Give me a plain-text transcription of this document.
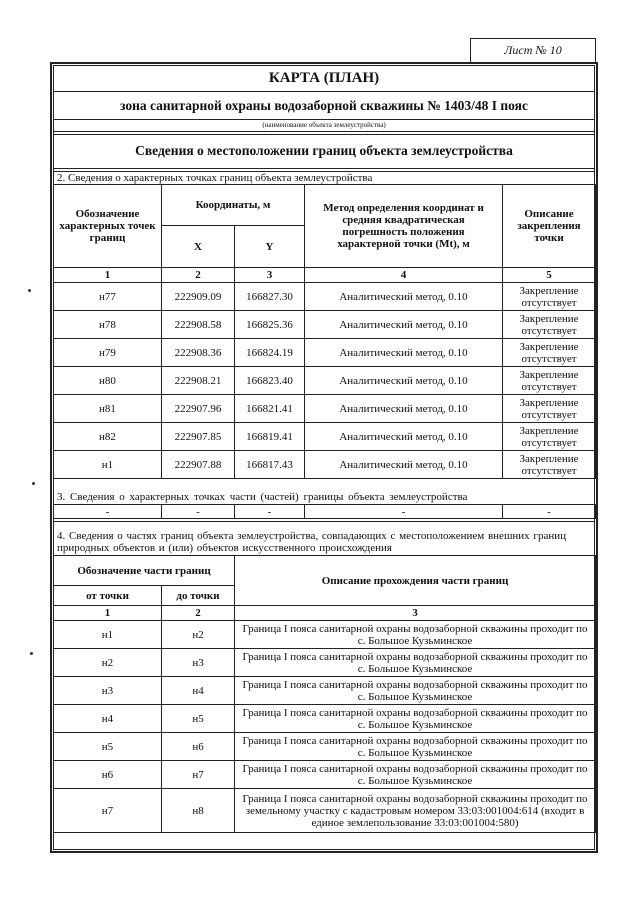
Лист № 10
КАРТА (ПЛАН)
зона санитарной охраны водозаборной скважины № 1403/48 I пояс
(наименование объекта землеустройства)
Сведения о местоположении границ объекта землеустройства
2. Сведения о характерных точках границ объекта землеустройства
Обозначение характерных точек границ	Координаты, м		Метод определения координат и средняя квадратическая погрешность положения характерной точки (Mt), м	Описание закрепления точки
	X	Y		
1	2	3	4	5
н77	222909.09	166827.30	Аналитический метод, 0.10	Закрепление отсутствует
н78	222908.58	166825.36	Аналитический метод, 0.10	Закрепление отсутствует
н79	222908.36	166824.19	Аналитический метод, 0.10	Закрепление отсутствует
н80	222908.21	166823.40	Аналитический метод, 0.10	Закрепление отсутствует
н81	222907.96	166821.41	Аналитический метод, 0.10	Закрепление отсутствует
н82	222907.85	166819.41	Аналитический метод, 0.10	Закрепление отсутствует
н1	222907.88	166817.43	Аналитический метод, 0.10	Закрепление отсутствует
3. Сведения о характерных точках части (частей) границы объекта землеустройства
-	-	-	-	-
4. Сведения о частях границ объекта землеустройства, совпадающих с местоположением внешних границ природных объектов и (или) объектов искусственного происхождения
Обозначение части границ		Описание прохождения части границ
от точки	до точки	
1	2	3
н1	н2	Граница I пояса санитарной охраны водозаборной скважины проходит по с. Большое Кузьминское
н2	н3	Граница I пояса санитарной охраны водозаборной скважины проходит по с. Большое Кузьминское
н3	н4	Граница I пояса санитарной охраны водозаборной скважины проходит по с. Большое Кузьминское
н4	н5	Граница I пояса санитарной охраны водозаборной скважины проходит по с. Большое Кузьминское
н5	н6	Граница I пояса санитарной охраны водозаборной скважины проходит по с. Большое Кузьминское
н6	н7	Граница I пояса санитарной охраны водозаборной скважины проходит по с. Большое Кузьминское
н7	н8	Граница I пояса санитарной охраны водозаборной скважины проходит по земельному участку с кадастровым номером 33:03:001004:614 (входит в единое землепользование 33:03:001004:580)
